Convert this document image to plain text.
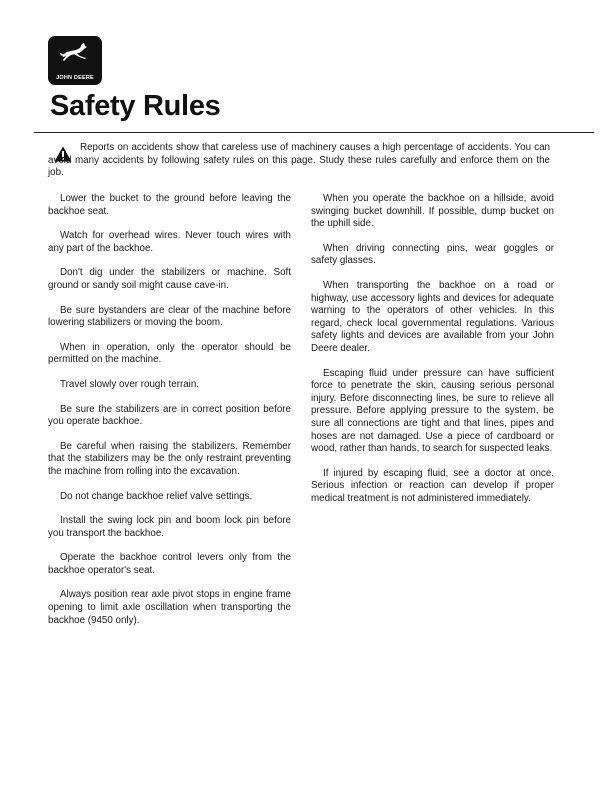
JOHN DEERE
Safety Rules

Reports on accidents show that careless use of machinery causes a high percentage of accidents. You can avoid many accidents by following safety rules on this page. Study these rules carefully and enforce them on the job.

Lower the bucket to the ground before leaving the backhoe seat.

Watch for overhead wires. Never touch wires with any part of the backhoe.

Don't dig under the stabilizers or machine. Soft ground or sandy soil might cause cave-in.

Be sure bystanders are clear of the machine before lowering stabilizers or moving the boom.

When in operation, only the operator should be permitted on the machine.

Travel slowly over rough terrain.

Be sure the stabilizers are in correct position before you operate backhoe.

Be careful when raising the stabilizers. Remember that the stabilizers may be the only restraint preventing the machine from rolling into the excavation.

Do not change backhoe relief valve settings.

Install the swing lock pin and boom lock pin before you transport the backhoe.

Operate the backhoe control levers only from the backhoe operator's seat.

Always position rear axle pivot stops in engine frame opening to limit axle oscillation when transporting the backhoe (9450 only).

When you operate the backhoe on a hillside, avoid swinging bucket downhill. If possible, dump bucket on the uphill side.

When driving connecting pins, wear goggles or safety glasses.

When transporting the backhoe on a road or highway, use accessory lights and devices for adequate warning to the operators of other vehicles. In this regard, check local governmental regulations. Various safety lights and devices are available from your John Deere dealer.

Escaping fluid under pressure can have sufficient force to penetrate the skin, causing serious personal injury. Before disconnecting lines, be sure to relieve all pressure. Before applying pressure to the system, be sure all connections are tight and that lines, pipes and hoses are not damaged. Use a piece of cardboard or wood, rather than hands, to search for suspected leaks.

If injured by escaping fluid, see a doctor at once. Serious infection or reaction can develop if proper medical treatment is not administered immediately.
